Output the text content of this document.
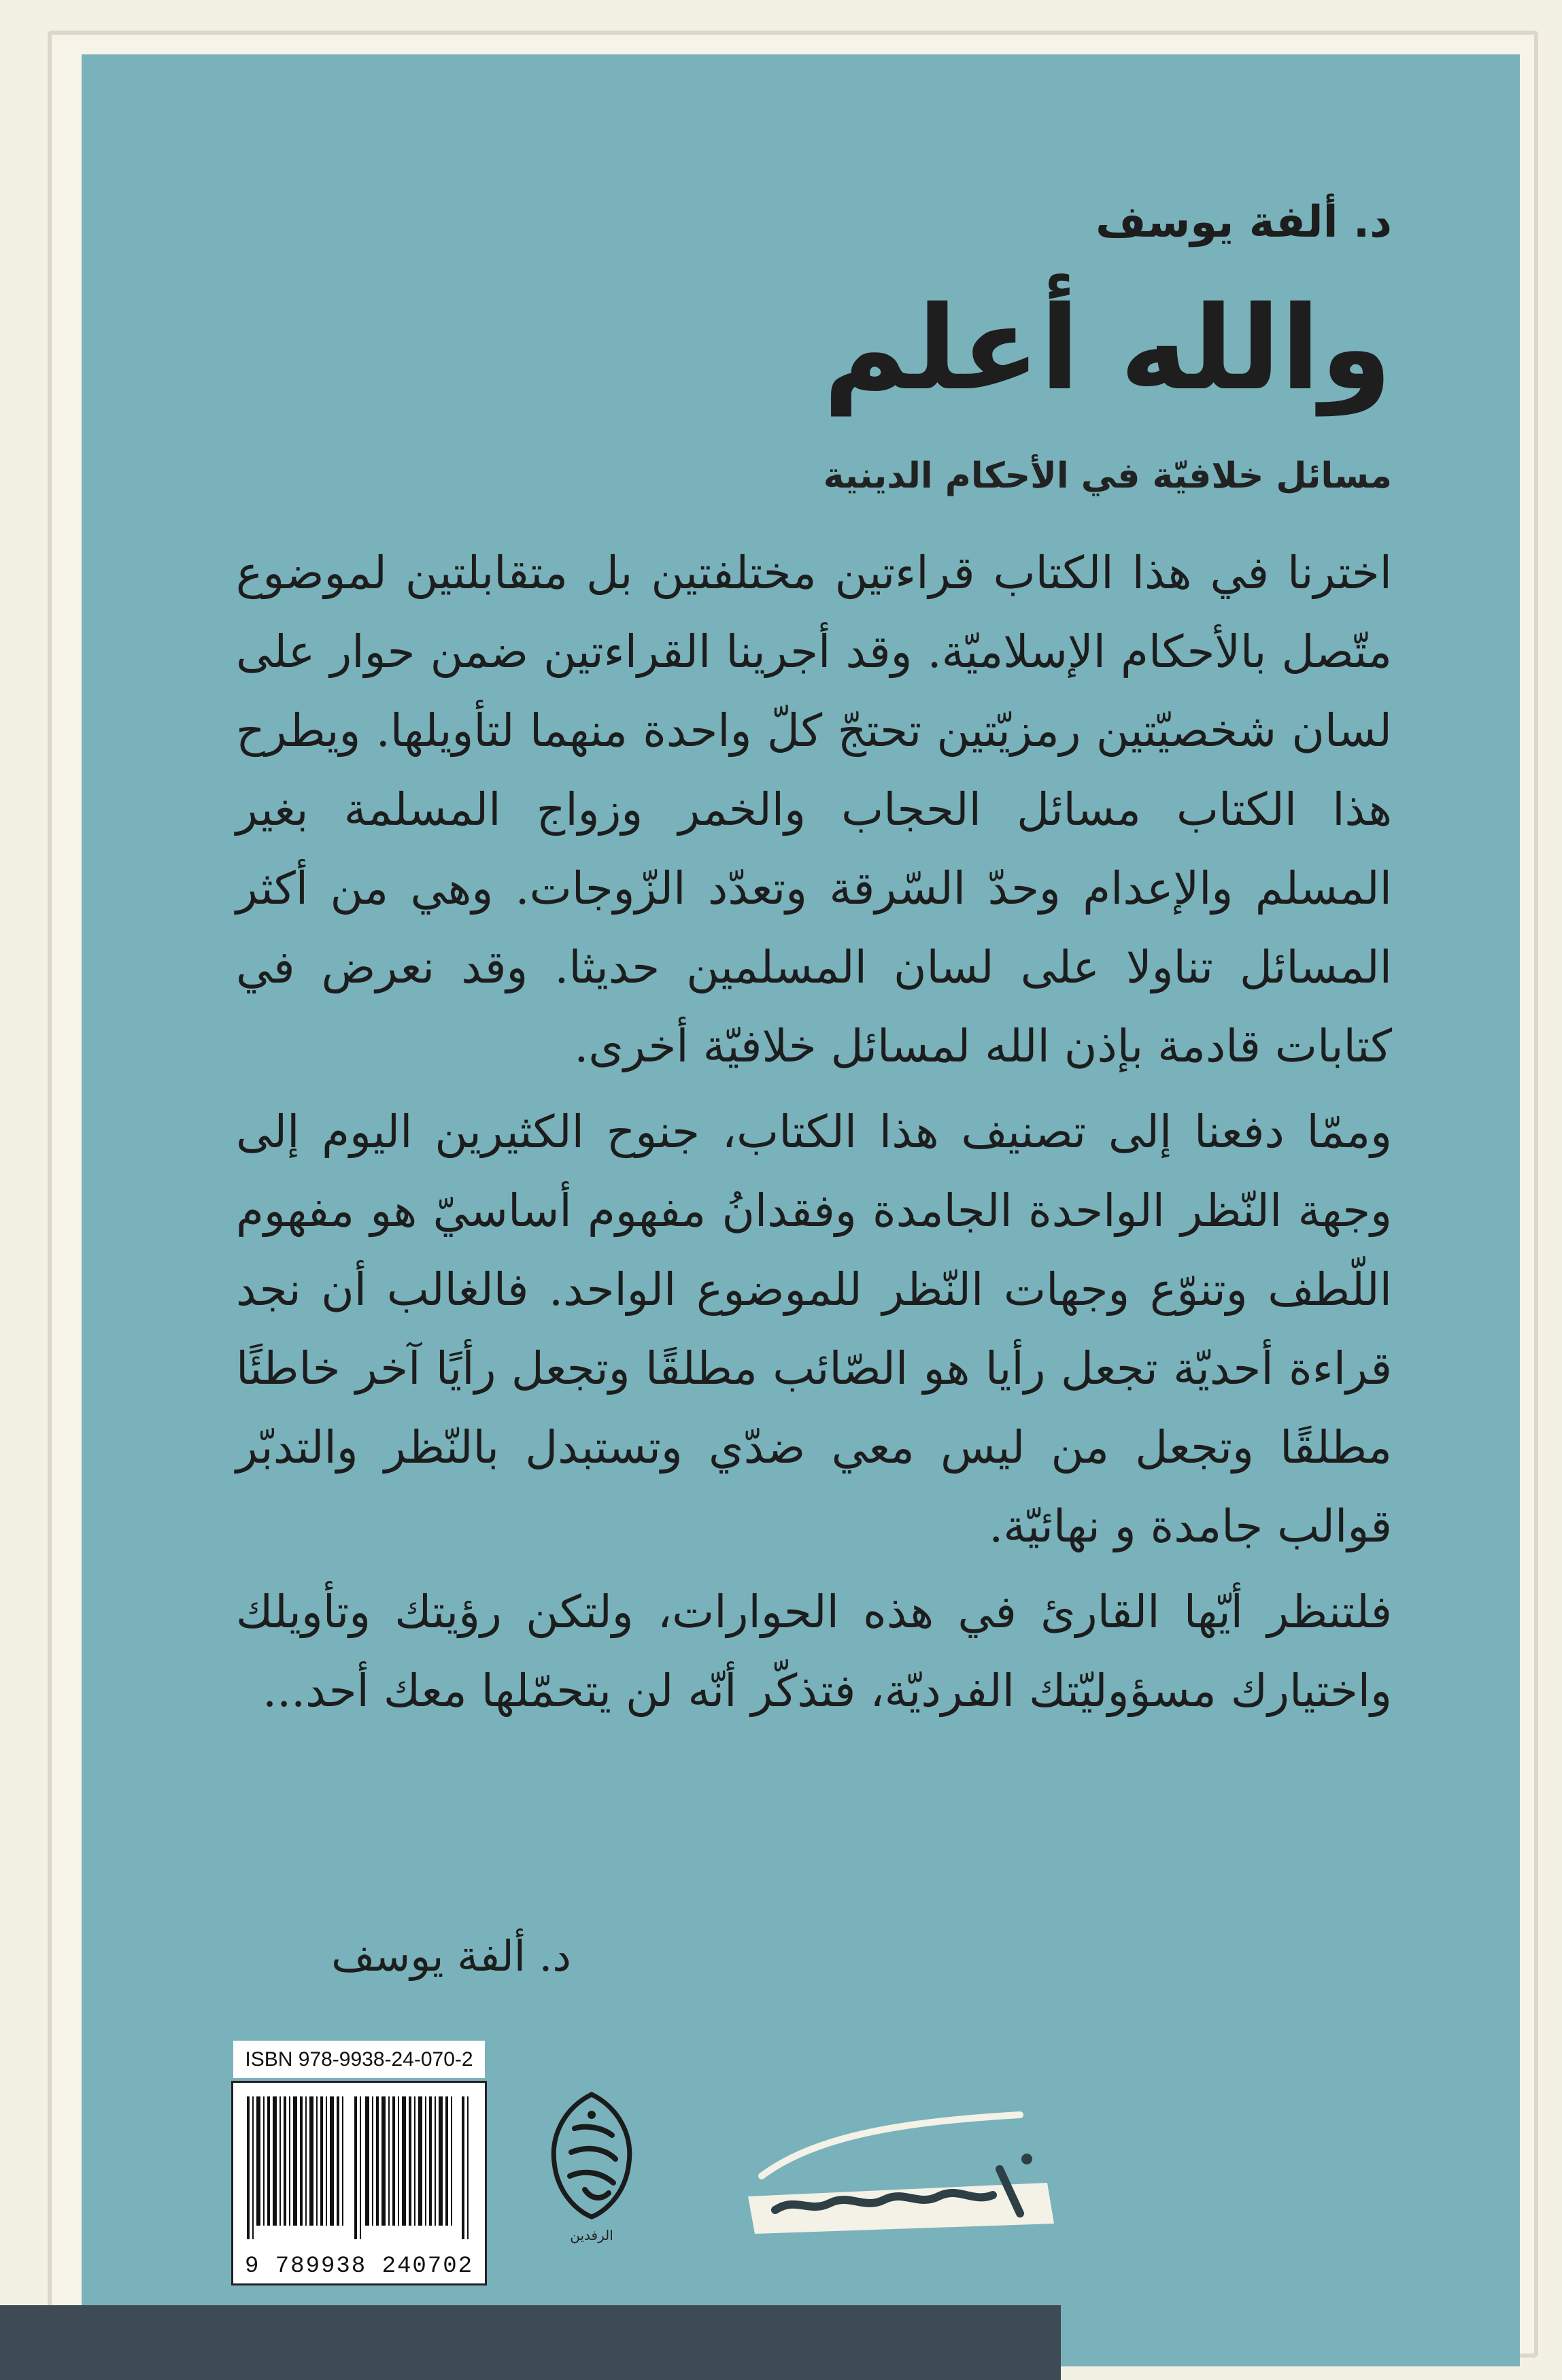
د. ألفة يوسف
والله أعلم
مسائل خلافيّة في الأحكام الدينية

اخترنا في هذا الكتاب قراءتين مختلفتين بل متقابلتين لموضوع متّصل بالأحكام الإسلاميّة. وقد أجرينا القراءتين ضمن حوار على لسان شخصيّتين رمزيّتين تحتجّ كلّ واحدة منهما لتأويلها. ويطرح هذا الكتاب مسائل الحجاب والخمر وزواج المسلمة بغير المسلم والإعدام وحدّ السّرقة وتعدّد الزّوجات. وهي من أكثر المسائل تناولا على لسان المسلمين حديثا. وقد نعرض في كتابات قادمة بإذن الله لمسائل خلافيّة أخرى.

وممّا دفعنا إلى تصنيف هذا الكتاب، جنوح الكثيرين اليوم إلى وجهة النّظر الواحدة الجامدة وفقدانُ مفهوم أساسيّ هو مفهوم اللّطف وتنوّع وجهات النّظر للموضوع الواحد. فالغالب أن نجد قراءة أحديّة تجعل رأيا هو الصّائب مطلقًا وتجعل رأيًا آخر خاطئًا مطلقًا وتجعل من ليس معي ضدّي وتستبدل بالنّظر والتدبّر قوالب جامدة و نهائيّة.

فلتنظر أيّها القارئ في هذه الحوارات، ولتكن رؤيتك وتأويلك واختيارك مسؤوليّتك الفرديّة، فتذكّر أنّه لن يتحمّلها معك أحد...

د. ألفة يوسف
ISBN 978-9938-24-070-2
9 789938 240702
الرفدين
